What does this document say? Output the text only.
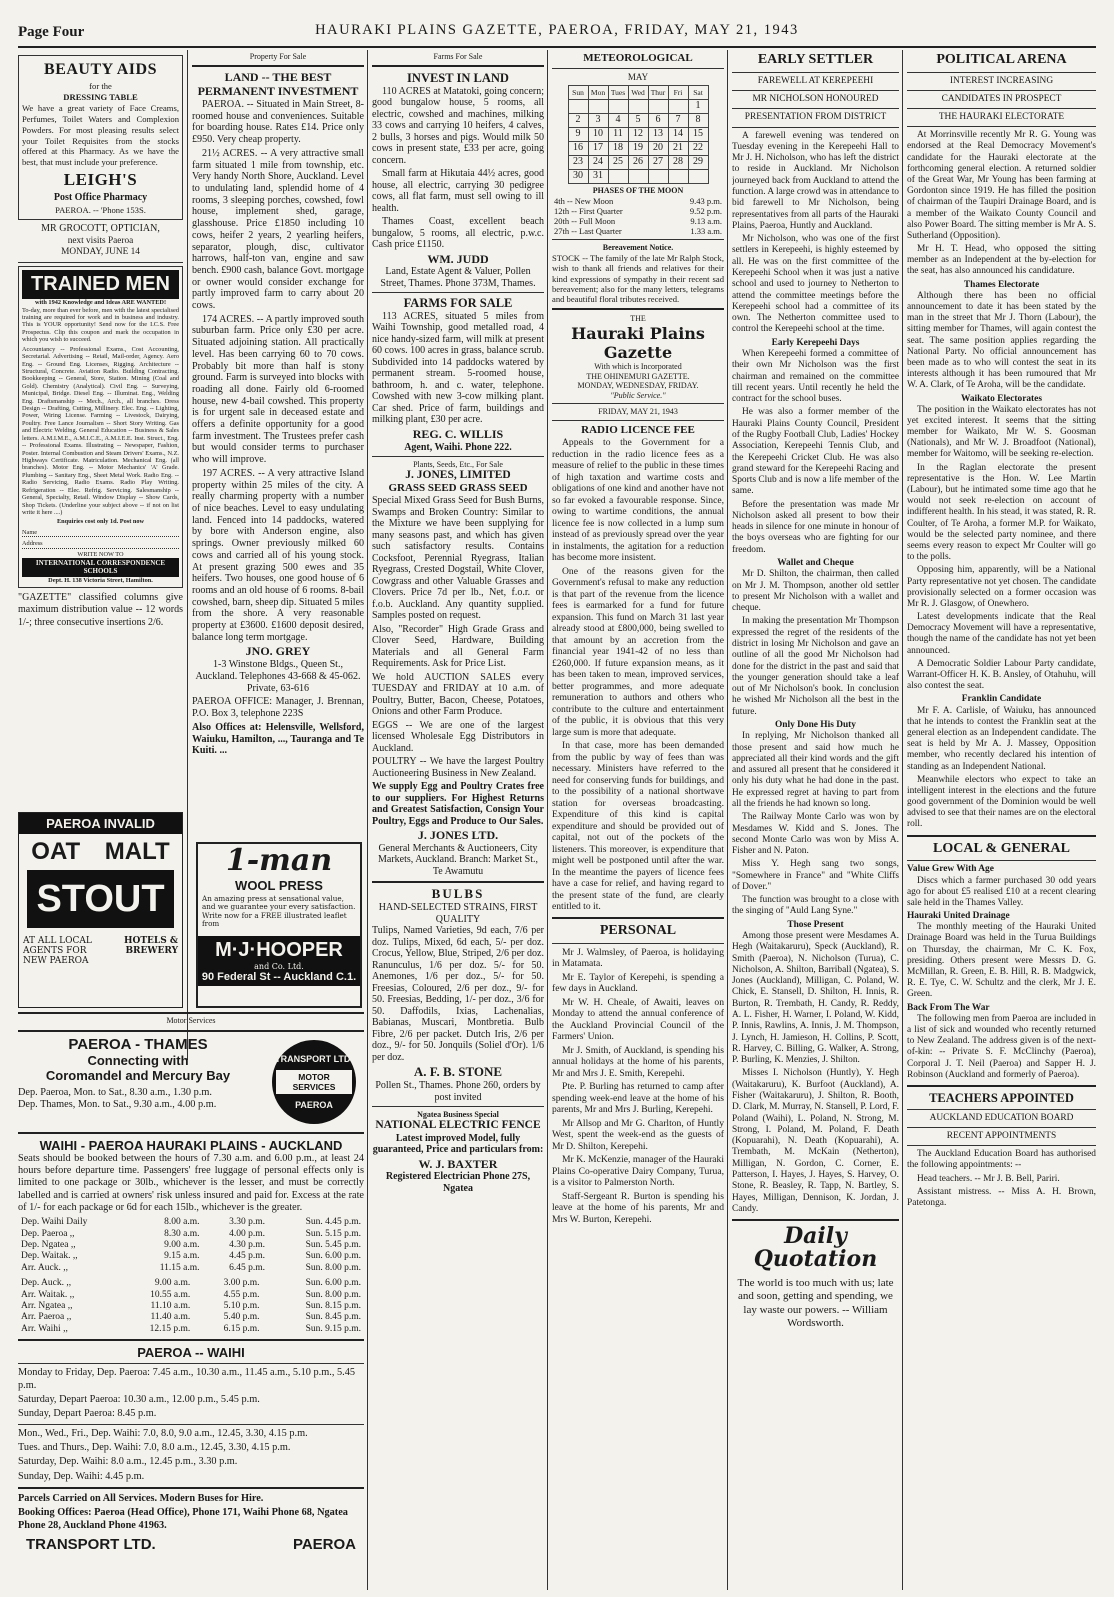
Page Four	HAURAKI PLAINS GAZETTE, PAEROA, FRIDAY, MAY 21, 1943
BEAUTY AIDS
for the
DRESSING TABLE

We have a great variety of Face Creams, Perfumes, Toilet Waters and Complexion Powders. For most pleasing results select your Toilet Requisites from the stocks offered at this Pharmacy. As we have the best, that must include your preference.

LEIGH'S
Post Office Pharmacy
PAEROA. -- 'Phone 153S.
MR GROCOTT, OPTICIAN,
next visits Paeroa
MONDAY, JUNE 14
TRAINED MEN
with 1942 Knowledge and Ideas ARE WANTED!

To-day, more than ever before, men with the latest specialised training are required for work and in business and industry. This is YOUR opportunity! Send now for the I.C.S. Free Prospectus. Clip this coupon and mark the occupation in which you wish to succeed.

Accountancy -- Professional Exams., Cost Accounting, Secretarial. Advertising -- Retail, Mail-order, Agency. Aero Eng. -- Ground Eng. Licenses, Rigging. Architecture -- Structural, Concrete. Aviation Radio. Building Contracting. Bookkeeping -- General, Store, Station. Mining (Coal and Gold). Chemistry (Analytical). Civil Eng. -- Surveying, Municipal, Bridge. Diesel Eng. -- Illuminat. Eng., Welding Eng. Draftsmanship -- Mech., Arch., all branches. Dress Design -- Drafting, Cutting, Millinery. Elec. Eng. -- Lighting, Power, Wiring License. Farming -- Livestock, Dairying, Poultry. Free Lance Journalism -- Short Story Writing. Gas and Electric Welding. General Education -- Business & Sales letters. A.M.I.M.E., A.M.I.C.E., A.M.I.E.E. Inst. Struct., Eng. -- Professional Exams. Illustrating -- Newspaper, Fashion, Poster. Internal Combustion and Steam Drivers' Exams., N.Z. Highways Certificate. Matriculation. Mechanical Eng. (all branches). Motor Eng. -- Motor Mechanics' 'A' Grade. Plumbing -- Sanitary Eng., Sheet Metal Work. Radio Eng. -- Radio Servicing, Radio Exams. Radio Play Writing. Refrigeration -- Elec. Refrig. Servicing. Salesmanship -- General, Specialty, Retail. Window Display -- Show Cards, Shop Tickets. (Underline your subject above -- if not on list write it here ....)

Enquiries cost only 1d. Post now
Name
Address
WRITE NOW TO
INTERNATIONAL CORRESPONDENCE SCHOOLS
Dept. H. 138 Victoria Street, Hamilton.

"GAZETTE" classified columns give maximum distribution value -- 12 words 1/-; three consecutive insertions 2/6.

PAEROA INVALID
OAT MALT
STOUT
AT ALL LOCAL AGENTS FOR NEW PAEROA
HOTELS & BREWERY
Property For Sale
LAND -- THE BEST PERMANENT INVESTMENT

PAEROA. -- Situated in Main Street, 8-roomed house and conveniences. Suitable for boarding house. Rates £14. Price only £950. Very cheap property.

21½ ACRES. -- A very attractive small farm situated 1 mile from township, etc. Very handy North Shore, Auckland. Level to undulating land, splendid home of 4 rooms, 3 sleeping porches, cowshed, fowl house, implement shed, garage, glasshouse. Price £1850 including 10 cows, heifer 2 years, 2 yearling heifers, separator, plough, disc, cultivator harrows, half-ton van, engine and saw bench. £900 cash, balance Govt. mortgage or owner would consider exchange for partly improved farm to carry about 20 cows.

174 ACRES. -- A partly improved south suburban farm. Price only £30 per acre. Situated adjoining station. All practically level. Has been carrying 60 to 70 cows. Probably bit more than half is stony ground. Farm is surveyed into blocks with roading all done. Fairly old 6-roomed house, new 4-bail cowshed. This property is for urgent sale in deceased estate and offers a definite opportunity for a good farm investment. The Trustees prefer cash but would consider terms to purchaser who will improve.

197 ACRES. -- A very attractive Island property within 25 miles of the city. A really charming property with a number of nice beaches. Level to easy undulating land. Fenced into 14 paddocks, watered by bore with Anderson engine, also springs. Owner previously milked 60 cows and carried all of his young stock. At present grazing 500 ewes and 35 heifers. Two houses, one good house of 6 rooms and an old house of 6 rooms. 8-bail cowshed, barn, sheep dip. Situated 5 miles from the shore. A very reasonable property at £3600. £1600 deposit desired, balance long term mortgage.

JNO. GREY

1-3 Winstone Bldgs., Queen St., Auckland. Telephones 43-668 & 45-062. Private, 63-616

PAEROA OFFICE: Manager, J. Brennan, P.O. Box 3, telephone 223S

Also Offices at: Helensville, Wellsford, Waiuku, Hamilton, ..., Tauranga and Te Kuiti. ...

1-man
WOOL PRESS

An amazing press at sensational value, and we guarantee your every satisfaction. Write now for a FREE illustrated leaflet from

M·J·HOOPER
and Co. Ltd.
90 Federal St -- Auckland C.1.
Farms For Sale
INVEST IN LAND

110 ACRES at Matatoki, going concern; good bungalow house, 5 rooms, all electric, cowshed and machines, milking 33 cows and carrying 10 heifers, 4 calves, 2 bulls, 3 horses and pigs. Would milk 50 cows in present state, £33 per acre, going concern.

Small farm at Hikutaia 44½ acres, good house, all electric, carrying 30 pedigree cows, all flat farm, must sell owing to ill health.

Thames Coast, excellent beach bungalow, 5 rooms, all electric, p.w.c. Cash price £1150.

WM. JUDD

Land, Estate Agent & Valuer, Pollen Street, Thames. Phone 373M, Thames.

FARMS FOR SALE

113 ACRES, situated 5 miles from Waihi Township, good metalled road, 4 nice handy-sized farm, will milk at present 60 cows. 100 acres in grass, balance scrub. Subdivided into 14 paddocks watered by permanent stream. 5-roomed house, bathroom, h. and c. water, telephone. Cowshed with new 3-cow milking plant. Car shed. Price of farm, buildings and milking plant, £30 per acre.

REG. C. WILLIS

Agent, Waihi. Phone 222.

Plants, Seeds, Etc., For Sale
J. JONES, LIMITED
GRASS SEED GRASS SEED

Special Mixed Grass Seed for Bush Burns, Swamps and Broken Country: Similar to the Mixture we have been supplying for many seasons past, and which has given such satisfactory results. Contains Cocksfoot, Perennial Ryegrass, Italian Ryegrass, Crested Dogstail, White Clover, Cowgrass and other Valuable Grasses and Clovers. Price 7d per lb., Net, f.o.r. or f.o.b. Auckland. Any quantity supplied. Samples posted on request.

Also, "Recorder" High Grade Grass and Clover Seed, Hardware, Building Materials and all General Farm Requirements. Ask for Price List.

We hold AUCTION SALES every TUESDAY and FRIDAY at 10 a.m. of Poultry, Butter, Bacon, Cheese, Potatoes, Onions and other Farm Produce.

EGGS -- We are one of the largest licensed Wholesale Egg Distributors in Auckland.

POULTRY -- We have the largest Poultry Auctioneering Business in New Zealand.

We supply Egg and Poultry Crates free to our suppliers. For Highest Returns and Greatest Satisfaction, Consign Your Poultry, Eggs and Produce to Our Sales.

J. JONES LTD.

General Merchants & Auctioneers, City Markets, Auckland. Branch: Market St., Te Awamutu

BULBS
HAND-SELECTED STRAINS, FIRST QUALITY

Tulips, Named Varieties, 9d each, 7/6 per doz. Tulips, Mixed, 6d each, 5/- per doz. Crocus, Yellow, Blue, Striped, 2/6 per doz. Ranunculus, 1/6 per doz. 5/- for 50. Anemones, 1/6 per doz., 5/- for 50. Freesias, Coloured, 2/6 per doz., 9/- for 50. Freesias, Bedding, 1/- per doz., 3/6 for 50. Daffodils, Ixias, Lachenalias, Babianas, Muscari, Montbretia. Bulb Fibre, 2/6 per packet. Dutch Iris, 2/6 per doz., 9/- for 50. Jonquils (Soliel d'Or). 1/6 per doz.

A. F. B. STONE

Pollen St., Thames. Phone 260, orders by post invited

Ngatea Business Special
NATIONAL ELECTRIC FENCE

Latest improved Model, fully guaranteed, Price and particulars from:

W. J. BAXTER

Registered Electrician Phone 27S, Ngatea

METEOROLOGICAL
MAY
Sun	Mon	Tues	Wed	Thur	Fri	Sat
						1
2	3	4	5	6	7	8
9	10	11	12	13	14	15
16	17	18	19	20	21	22
23	24	25	26	27	28	29
30	31					
PHASES OF THE MOON
4th -- New Moon	9.43 p.m.
12th -- First Quarter	9.52 p.m.
20th -- Full Moon	9.13 a.m.
27th -- Last Quarter	1.33 a.m.
Bereavement Notice.

STOCK -- The family of the late Mr Ralph Stock, wish to thank all friends and relatives for their kind expressions of sympathy in their recent sad bereavement; also for the many letters, telegrams and beautiful floral tributes received.

THE
Hauraki Plains Gazette
With which is Incorporated
THE OHINEMURI GAZETTE.
MONDAY, WEDNESDAY, FRIDAY.
"Public Service."
FRIDAY, MAY 21, 1943
RADIO LICENCE FEE

Appeals to the Government for a reduction in the radio licence fees as a measure of relief to the public in these times of high taxation and wartime costs and obligations of one kind and another have not so far evoked a favourable response. Since, owing to wartime conditions, the annual licence fee is now collected in a lump sum instead of as previously spread over the year in instalments, the agitation for a reduction has become more insistent.

One of the reasons given for the Government's refusal to make any reduction is that part of the revenue from the licence fees is earmarked for a fund for future expansion. This fund on March 31 last year already stood at £800,000, being swelled to that amount by an accretion from the financial year 1941-42 of no less than £260,000. If future expansion means, as it has been taken to mean, improved services, better programmes, and more adequate remuneration to authors and others who contribute to the culture and entertainment of the public, it is obvious that this very large sum is more that adequate.

In that case, more has been demanded from the public by way of fees than was necessary. Ministers have referred to the need for conserving funds for buildings, and to the possibility of a national shortwave station for overseas broadcasting. Expenditure of this kind is capital expenditure and should be provided out of capital, not out of the pockets of the listeners. This moreover, is expenditure that might well be postponed until after the war. In the meantime the payers of licence fees have a case for relief, and having regard to the present state of the fund, are clearly entitled to it.

PERSONAL

Mr J. Walmsley, of Paeroa, is holidaying in Matamata.

Mr E. Taylor of Kerepehi, is spending a few days in Auckland.

Mr W. H. Cheale, of Awaiti, leaves on Monday to attend the annual conference of the Auckland Provincial Council of the Farmers' Union.

Mr J. Smith, of Auckland, is spending his annual holidays at the home of his parents, Mr and Mrs J. E. Smith, Kerepehi.

Pte. P. Burling has returned to camp after spending week-end leave at the home of his parents, Mr and Mrs J. Burling, Kerepehi.

Mr Allsop and Mr G. Charlton, of Huntly West, spent the week-end as the guests of Mr D. Shilton, Kerepehi.

Mr K. McKenzie, manager of the Hauraki Plains Co-operative Dairy Company, Turua, is a visitor to Palmerston North.

Staff-Sergeant R. Burton is spending his leave at the home of his parents, Mr and Mrs W. Burton, Kerepehi.

EARLY SETTLER
FAREWELL AT KEREPEEHI
MR NICHOLSON HONOURED
PRESENTATION FROM DISTRICT

A farewell evening was tendered on Tuesday evening in the Kerepeehi Hall to Mr J. H. Nicholson, who has left the district to reside in Auckland. Mr Nicholson journeyed back from Auckland to attend the function. A large crowd was in attendance to bid farewell to Mr Nicholson, being representatives from all parts of the Hauraki Plains, Paeroa, Huntly and Auckland.

Mr Nicholson, who was one of the first settlers in Kerepeehi, is highly esteemed by all. He was on the first committee of the Kerepeehi School when it was just a native school and used to journey to Netherton to attend the committee meetings before the Kerepeehi school had a committee of its own. The Netherton committee used to control the Kerepeehi school at the time.

Early Kerepeehi Days

When Kerepeehi formed a committee of their own Mr Nicholson was the first chairman and remained on the committee till recent years. Until recently he held the contract for the school buses.

He was also a former member of the Hauraki Plains County Council, President of the Rugby Football Club, Ladies' Hockey Association, Kerepeehi Tennis Club, and the Kerepeehi Cricket Club. He was also grand steward for the Kerepeehi Racing and Sports Club and is now a life member of the same.

Before the presentation was made Mr Nicholson asked all present to bow their heads in silence for one minute in honour of the boys overseas who are fighting for our freedom.

Wallet and Cheque

Mr D. Shilton, the chairman, then called on Mr J. M. Thompson, another old settler to present Mr Nicholson with a wallet and cheque.

In making the presentation Mr Thompson expressed the regret of the residents of the district in losing Mr Nicholson and gave an outline of all the good Mr Nicholson had done for the district in the past and said that the younger generation should take a leaf out of Mr Nicholson's book. In conclusion he wished Mr Nicholson all the best in the future.

Only Done His Duty

In replying, Mr Nicholson thanked all those present and said how much he appreciated all their kind words and the gift and assured all present that he considered it only his duty what he had done in the past. He expressed regret at having to part from all the friends he had known so long.

The Railway Monte Carlo was won by Mesdames W. Kidd and S. Jones. The second Monte Carlo was won by Miss A. Fisher and N. Paton.

Miss Y. Hegh sang two songs, "Somewhere in France" and "White Cliffs of Dover."

The function was brought to a close with the singing of "Auld Lang Syne."

Those Present

Among those present were Mesdames A. Hegh (Waitakaruru), Speck (Auckland), R. Smith (Paeroa), N. Nicholson (Turua), C. Nicholson, A. Shilton, Barriball (Ngatea), S. Jones (Auckland), Milligan, C. Poland, W. Chick, E. Stansell, D. Shilton, H. Innis, R. Burton, R. Trembath, H. Candy, R. Reddy, A. L. Fisher, H. Warner, I. Poland, W. Kidd, P. Innis, Rawlins, A. Innis, J. M. Thompson, J. Lynch, H. Jamieson, H. Collins, P. Scott, R. Harvey, C. Billing, G. Walker, A. Strong, P. Burling, K. Menzies, J. Shilton.

Misses I. Nicholson (Huntly), Y. Hegh (Waitakaruru), K. Burfoot (Auckland), A. Fisher (Waitakaruru), J. Shilton, R. Booth, D. Clark, M. Murray, N. Stansell, P. Lord, F. Poland (Waihi), L. Poland, N. Strong, M. Strong, I. Poland, M. Poland, F. Death (Kopuarahi), N. Death (Kopuarahi), A. Trembath, M. McKain (Netherton), Milligan, N. Gordon, C. Corner, E. Patterson, I. Hayes, J. Hayes, S. Harvey, O. Stone, R. Beasley, R. Tapp, N. Bartley, S. Hayes, Milligan, Dennison, K. Jordan, J. Candy.

Daily
Quotation

The world is too much with us; late and soon, getting and spending, we lay waste our powers. -- William Wordsworth.

POLITICAL ARENA
INTEREST INCREASING
CANDIDATES IN PROSPECT
THE HAURAKI ELECTORATE

At Morrinsville recently Mr R. G. Young was endorsed at the Real Democracy Movement's candidate for the Hauraki electorate at the forthcoming general election. A returned soldier of the Great War, Mr Young has been farming at Gordonton since 1919. He has filled the position of chairman of the Taupiri Drainage Board, and is a member of the Waikato County Council and also Power Board. The sitting member is Mr A. S. Sutherland (Opposition).

Mr H. T. Head, who opposed the sitting member as an Independent at the by-election for the seat, has also announced his candidature.

Thames Electorate

Although there has been no official announcement to date it has been stated by the man in the street that Mr J. Thorn (Labour), the sitting member for Thames, will again contest the seat. The same position applies regarding the National Party. No official announcement has been made as to who will contest the seat in its interests although it has been rumoured that Mr W. A. Clark, of Te Aroha, will be the candidate.

Waikato Electorates

The position in the Waikato electorates has not yet excited interest. It seems that the sitting member for Waikato, Mr W. S. Goosman (Nationals), and Mr W. J. Broadfoot (National), member for Waitomo, will be seeking re-election.

In the Raglan electorate the present representative is the Hon. W. Lee Martin (Labour), but he intimated some time ago that he would not seek re-election on account of indifferent health. In his stead, it was stated, R. R. Coulter, of Te Aroha, a former M.P. for Waikato, would be the selected party nominee, and there seems every reason to expect Mr Coulter will go to the polls.

Opposing him, apparently, will be a National Party representative not yet chosen. The candidate provisionally selected on a former occasion was Mr R. J. Glasgow, of Onewhero.

Latest developments indicate that the Real Democracy Movement will have a representative, though the name of the candidate has not yet been announced.

A Democratic Soldier Labour Party candidate, Warrant-Officer H. K. B. Ansley, of Otahuhu, will also contest the seat.

Franklin Candidate

Mr F. A. Carlisle, of Waiuku, has announced that he intends to contest the Franklin seat at the general election as an Independent candidate. The seat is held by Mr A. J. Massey, Opposition member, who recently declared his intention of standing as an Independent National.

Meanwhile electors who expect to take an intelligent interest in the elections and the future good government of the Dominion would be well advised to see that their names are on the electoral roll.

LOCAL & GENERAL
Value Grew With Age

Discs which a farmer purchased 30 odd years ago for about £5 realised £10 at a recent clearing sale held in the Thames Valley.

Hauraki United Drainage

The monthly meeting of the Hauraki United Drainage Board was held in the Turua Buildings on Thursday, the chairman, Mr C. K. Fox, presiding. Others present were Messrs D. G. McMillan, R. Green, E. B. Hill, R. B. Madgwick, R. E. Tye, C. W. Schultz and the clerk, Mr J. E. Green.

Back From The War

The following men from Paeroa are included in a list of sick and wounded who recently returned to New Zealand. The address given is of the next-of-kin: -- Private S. F. McClinchy (Paeroa), Corporal J. T. Neil (Paeroa) and Sapper H. J. Robinson (Auckland and formerly of Paeroa).

TEACHERS APPOINTED
AUCKLAND EDUCATION BOARD
RECENT APPOINTMENTS

The Auckland Education Board has authorised the following appointments: --

Head teachers. -- Mr J. B. Bell, Pariri.

Assistant mistress. -- Miss A. H. Brown, Patetonga.

Motor Services
PAEROA - THAMES
Connecting with
Coromandel and Mercury Bay
Dep. Paeroa, Mon. to Sat., 8.30 a.m., 1.30 p.m.
Dep. Thames, Mon. to Sat., 9.30 a.m., 4.00 p.m.
TRANSPORT LTD.
MOTOR SERVICES
PAEROA
WAIHI - PAEROA HAURAKI PLAINS - AUCKLAND

Seats should be booked between the hours of 7.30 a.m. and 6.00 p.m., at least 24 hours before departure time. Passengers' free luggage of personal effects only is limited to one package or 30lb., whichever is the lesser, and must be correctly labelled and is carried at owners' risk unless insured and paid for. Excess at the rate of 1/- for each package or 6d for each 15lb., whichever is the greater.

Dep. Waihi Daily	8.00 a.m.	3.30 p.m.	Sun. 4.45 p.m.
Dep. Paeroa ,,	8.30 a.m.	4.00 p.m.	Sun. 5.15 p.m.
Dep. Ngatea ,,	9.00 a.m.	4.30 p.m.	Sun. 5.45 p.m.
Dep. Waitak. ,,	9.15 a.m.	4.45 p.m.	Sun. 6.00 p.m.
Arr. Auck. ,,	11.15 a.m.	6.45 p.m.	Sun. 8.00 p.m.
Dep. Auck. ,,	9.00 a.m.	3.00 p.m.	Sun. 6.00 p.m.
Arr. Waitak. ,,	10.55 a.m.	4.55 p.m.	Sun. 8.00 p.m.
Arr. Ngatea ,,	11.10 a.m.	5.10 p.m.	Sun. 8.15 p.m.
Arr. Paeroa ,,	11.40 a.m.	5.40 p.m.	Sun. 8.45 p.m.
Arr. Waihi ,,	12.15 p.m.	6.15 p.m.	Sun. 9.15 p.m.
PAEROA -- WAIHI

Monday to Friday, Dep. Paeroa: 7.45 a.m., 10.30 a.m., 11.45 a.m., 5.10 p.m., 5.45 p.m.

Saturday, Depart Paeroa: 10.30 a.m., 12.00 p.m., 5.45 p.m.

Sunday, Depart Paeroa: 8.45 p.m.

Mon., Wed., Fri., Dep. Waihi: 7.0, 8.0, 9.0 a.m., 12.45, 3.30, 4.15 p.m.

Tues. and Thurs., Dep. Waihi: 7.0, 8.0 a.m., 12.45, 3.30, 4.15 p.m.

Saturday, Dep. Waihi: 8.0 a.m., 12.45 p.m., 3.30 p.m.

Sunday, Dep. Waihi: 4.45 p.m.

Parcels Carried on All Services. Modern Buses for Hire.

Booking Offices: Paeroa (Head Office), Phone 171, Waihi Phone 68, Ngatea Phone 28, Auckland Phone 41963.

TRANSPORT LTD.	PAEROA
